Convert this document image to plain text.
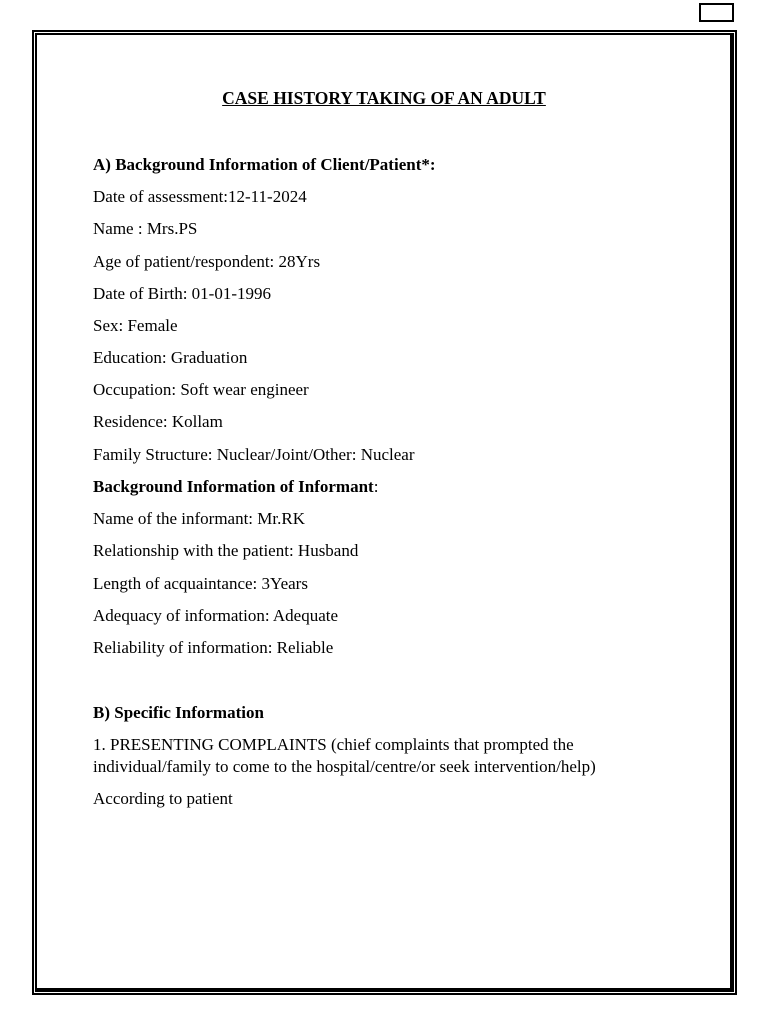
CASE HISTORY TAKING OF AN ADULT
A) Background Information of Client/Patient*:
Date of assessment:12-11-2024
Name : Mrs.PS
Age of patient/respondent: 28Yrs
Date of Birth: 01-01-1996
Sex: Female
Education: Graduation
Occupation: Soft wear engineer
Residence: Kollam
Family Structure: Nuclear/Joint/Other: Nuclear
Background Information of Informant:
Name of the informant: Mr.RK
Relationship with the patient: Husband
Length of acquaintance: 3Years
Adequacy of information: Adequate
Reliability of information: Reliable
B) Specific Information
1. PRESENTING COMPLAINTS (chief complaints that prompted the
individual/family to come to the hospital/centre/or seek intervention/help)
According to patient
